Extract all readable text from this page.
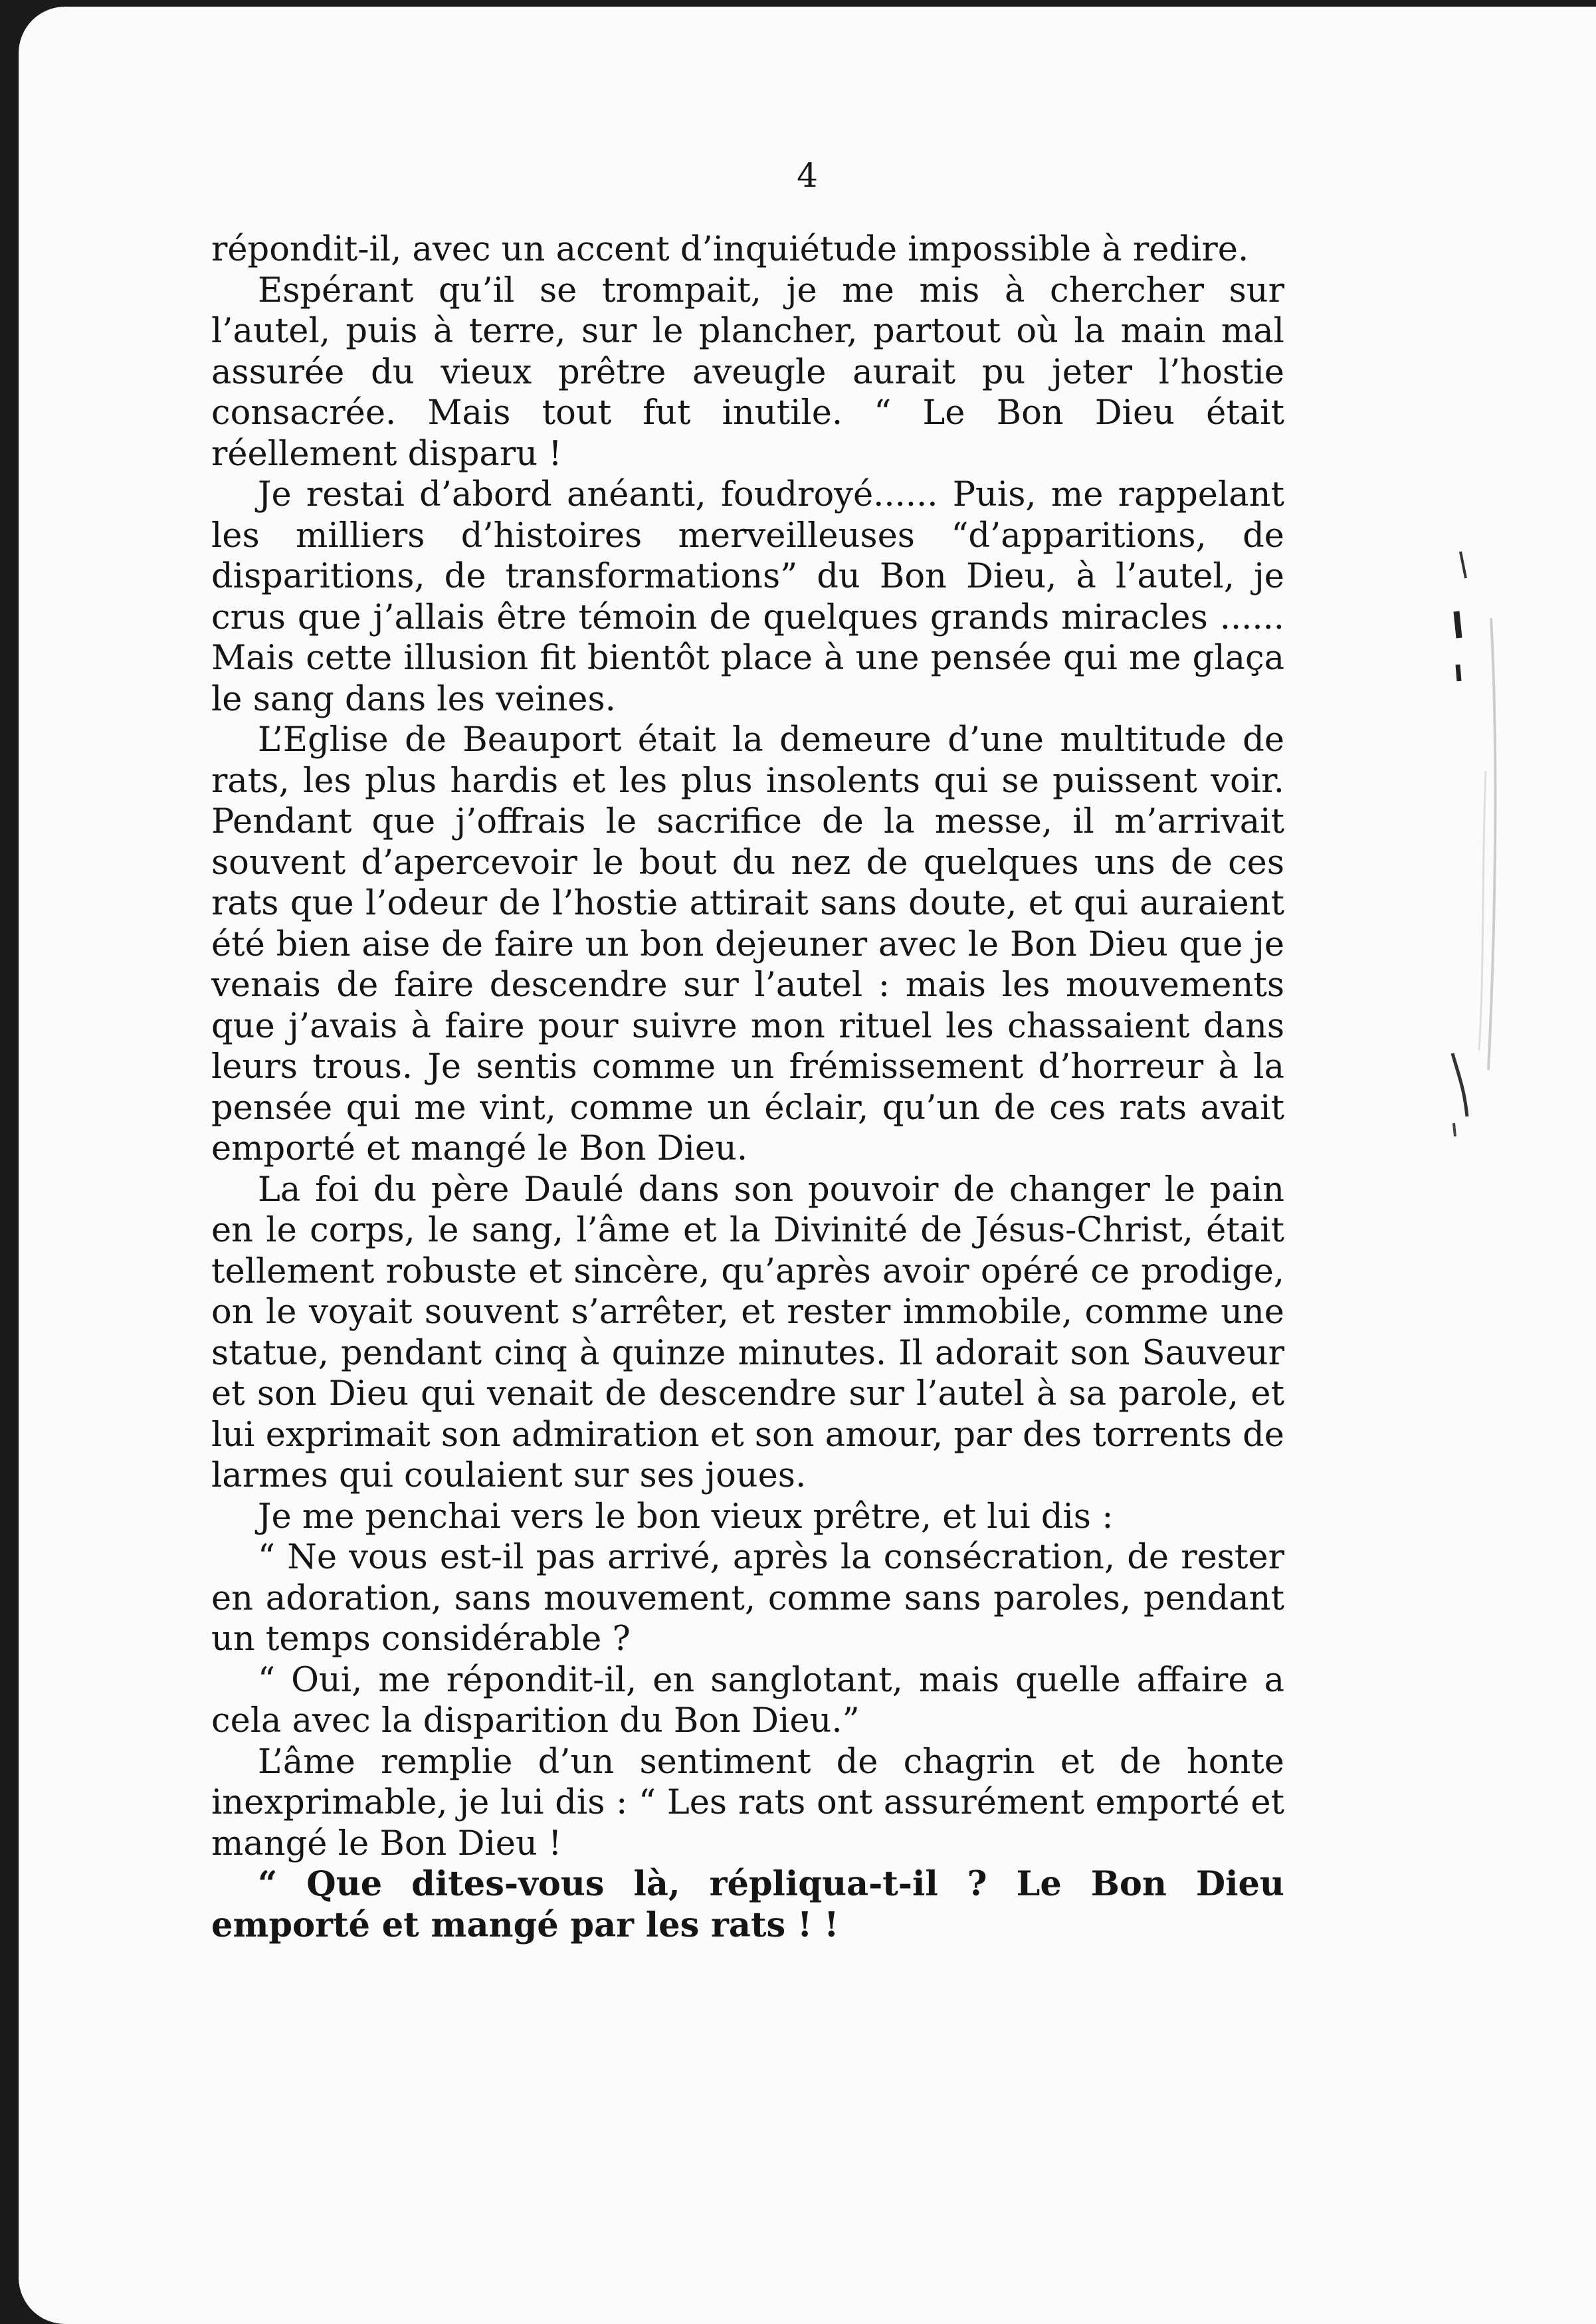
4

répondit-il, avec un accent d’inquiétude impossible à redire.

Espérant qu’il se trompait, je me mis à chercher sur l’autel, puis à terre, sur le plancher, partout où la main mal assurée du vieux prêtre aveugle aurait pu jeter l’hostie consacrée. Mais tout fut inutile. “ Le Bon Dieu était réellement disparu !

Je restai d’abord anéanti, foudroyé...... Puis, me rappelant les milliers d’histoires merveilleuses “d’apparitions, de disparitions, de transformations” du Bon Dieu, à l’autel, je crus que j’allais être témoin de quelques grands miracles ...... Mais cette illusion fit bientôt place à une pensée qui me glaça le sang dans les veines.

L’Eglise de Beauport était la demeure d’une multitude de rats, les plus hardis et les plus insolents qui se puissent voir. Pendant que j’offrais le sacrifice de la messe, il m’arrivait souvent d’apercevoir le bout du nez de quelques uns de ces rats que l’odeur de l’hostie attirait sans doute, et qui auraient été bien aise de faire un bon dejeuner avec le Bon Dieu que je venais de faire descendre sur l’autel : mais les mouvements que j’avais à faire pour suivre mon rituel les chassaient dans leurs trous. Je sentis comme un frémissement d’horreur à la pensée qui me vint, comme un éclair, qu’un de ces rats avait emporté et mangé le Bon Dieu.

La foi du père Daulé dans son pouvoir de changer le pain en le corps, le sang, l’âme et la Divinité de Jésus-Christ, était tellement robuste et sincère, qu’après avoir opéré ce prodige, on le voyait souvent s’arrêter, et rester immobile, comme une statue, pendant cinq à quinze minutes. Il adorait son Sauveur et son Dieu qui venait de descendre sur l’autel à sa parole, et lui exprimait son admiration et son amour, par des torrents de larmes qui coulaient sur ses joues.

Je me penchai vers le bon vieux prêtre, et lui dis :

“ Ne vous est-il pas arrivé, après la consécration, de rester en adoration, sans mouvement, comme sans paroles, pendant un temps considérable ?

“ Oui, me répondit-il, en sanglotant, mais quelle affaire a cela avec la disparition du Bon Dieu.”

L’âme remplie d’un sentiment de chagrin et de honte inexprimable, je lui dis : “ Les rats ont assurément emporté et mangé le Bon Dieu !

“ Que dites-vous là, répliqua-t-il ? Le Bon Dieu emporté et mangé par les rats ! !
